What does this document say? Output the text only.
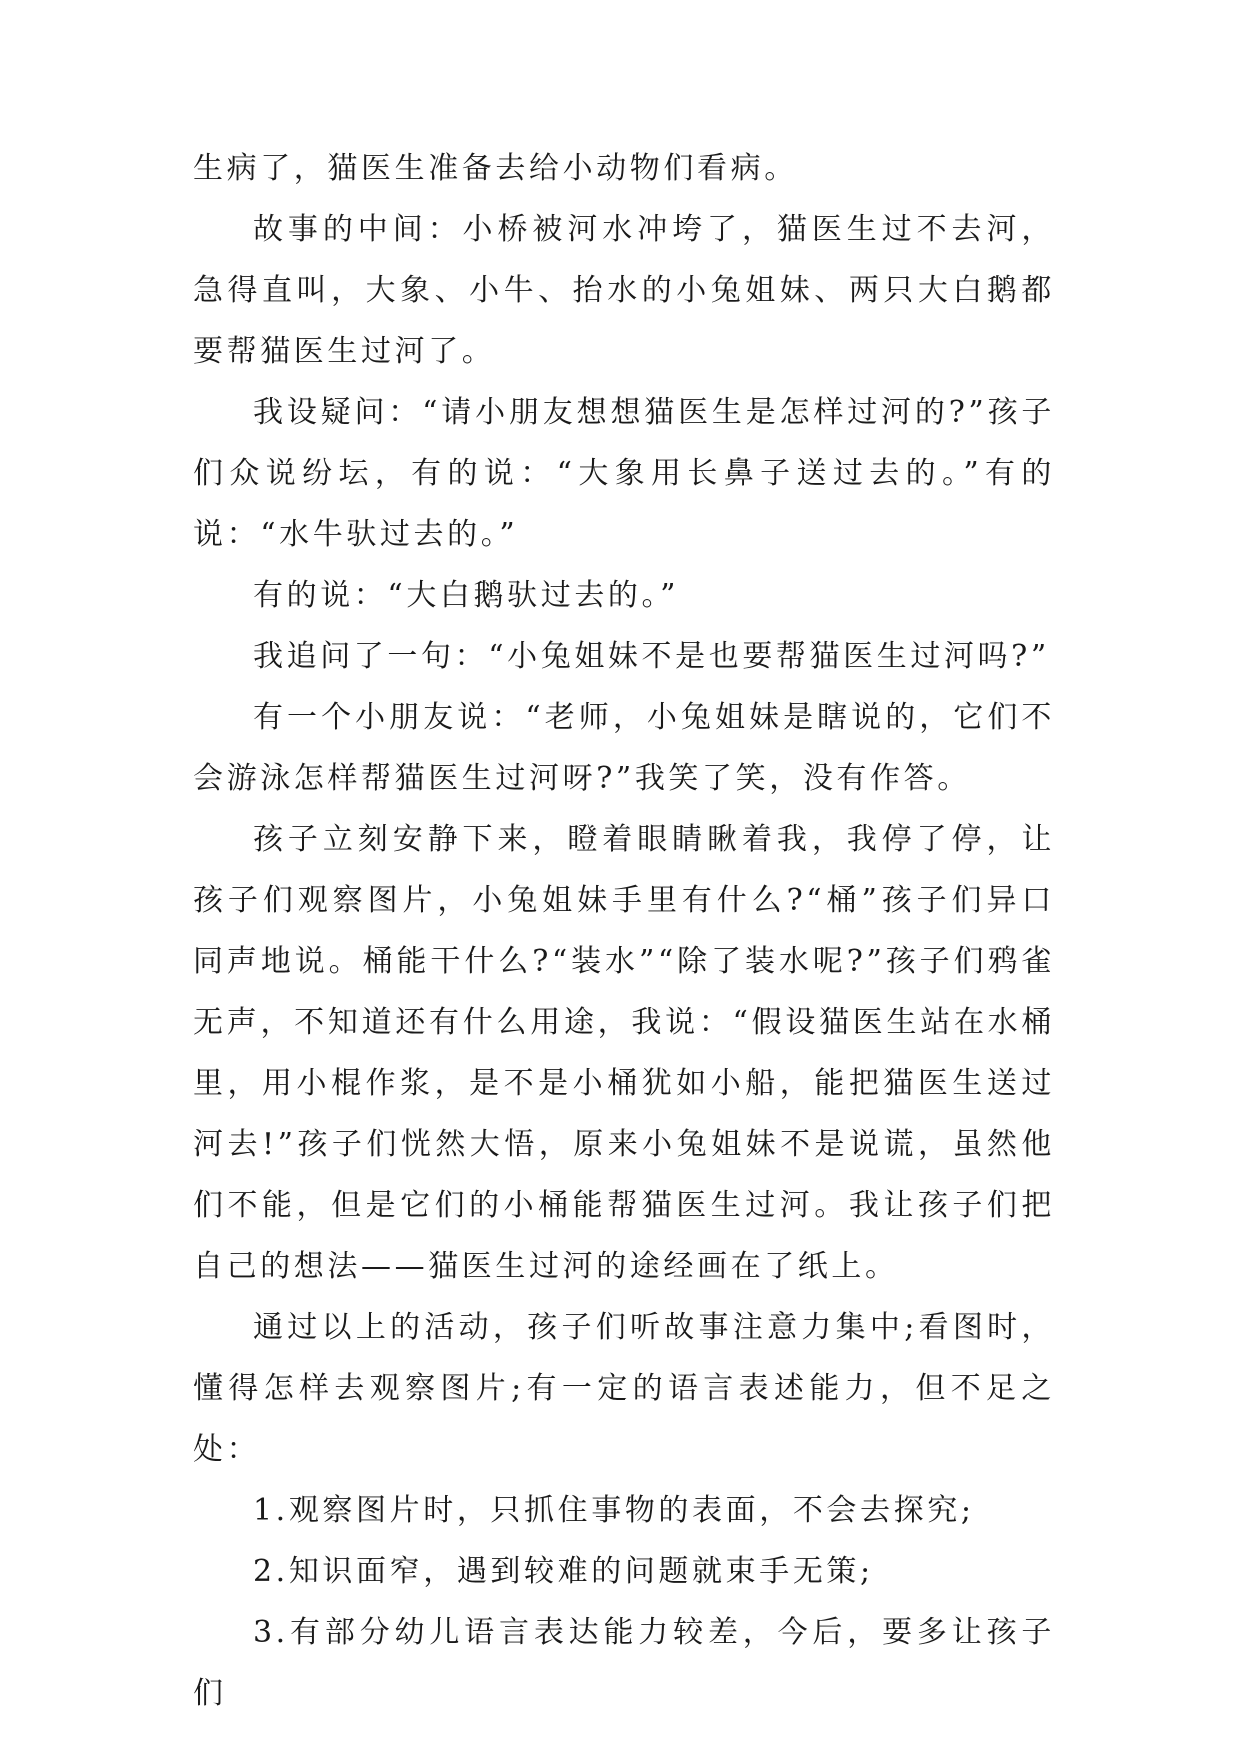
生病了，猫医生准备去给小动物们看病。

故事的中间：小桥被河水冲垮了，猫医生过不去河，急得直叫，大象、小牛、抬水的小兔姐妹、两只大白鹅都要帮猫医生过河了。

我设疑问：“请小朋友想想猫医生是怎样过河的?”孩子们众说纷坛，有的说：“大象用长鼻子送过去的。”有的说：“水牛驮过去的。”

有的说：“大白鹅驮过去的。”

我追问了一句：“小兔姐妹不是也要帮猫医生过河吗?”

有一个小朋友说：“老师，小兔姐妹是瞎说的，它们不会游泳怎样帮猫医生过河呀?”我笑了笑，没有作答。

孩子立刻安静下来，瞪着眼睛瞅着我，我停了停，让孩子们观察图片，小兔姐妹手里有什么?“桶”孩子们异口同声地说。桶能干什么?“装水”“除了装水呢?”孩子们鸦雀无声，不知道还有什么用途，我说：“假设猫医生站在水桶里，用小棍作浆，是不是小桶犹如小船，能把猫医生送过河去!”孩子们恍然大悟，原来小兔姐妹不是说谎，虽然他们不能，但是它们的小桶能帮猫医生过河。我让孩子们把自己的想法——猫医生过河的途经画在了纸上。

通过以上的活动，孩子们听故事注意力集中;看图时，懂得怎样去观察图片;有一定的语言表述能力，但不足之处：

1.观察图片时，只抓住事物的表面，不会去探究;

2.知识面窄，遇到较难的问题就束手无策;

3.有部分幼儿语言表达能力较差，今后，要多让孩子们
